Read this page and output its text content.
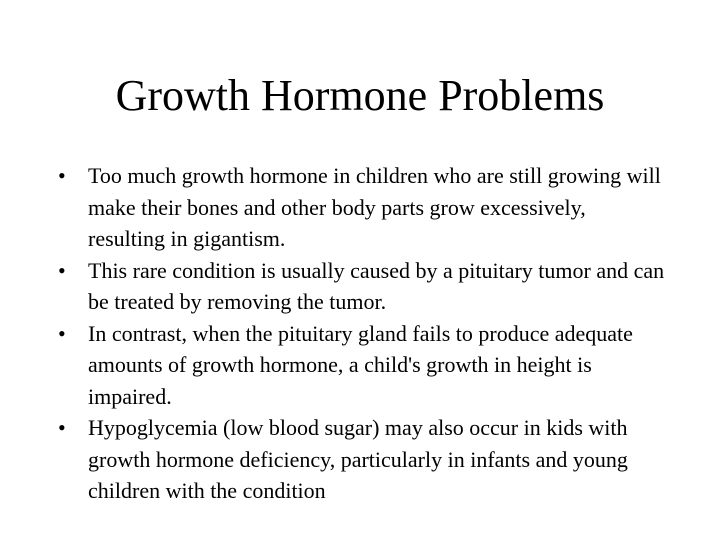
Growth Hormone Problems
•	Too much growth hormone in children who are still growing will make their bones and other body parts grow excessively, resulting in gigantism.
•	This rare condition is usually caused by a pituitary tumor and can be treated by removing the tumor.
•	In contrast, when the pituitary gland fails to produce adequate amounts of growth hormone, a child's growth in height is impaired.
•	Hypoglycemia (low blood sugar) may also occur in kids with growth hormone deficiency, particularly in infants and young children with the condition
